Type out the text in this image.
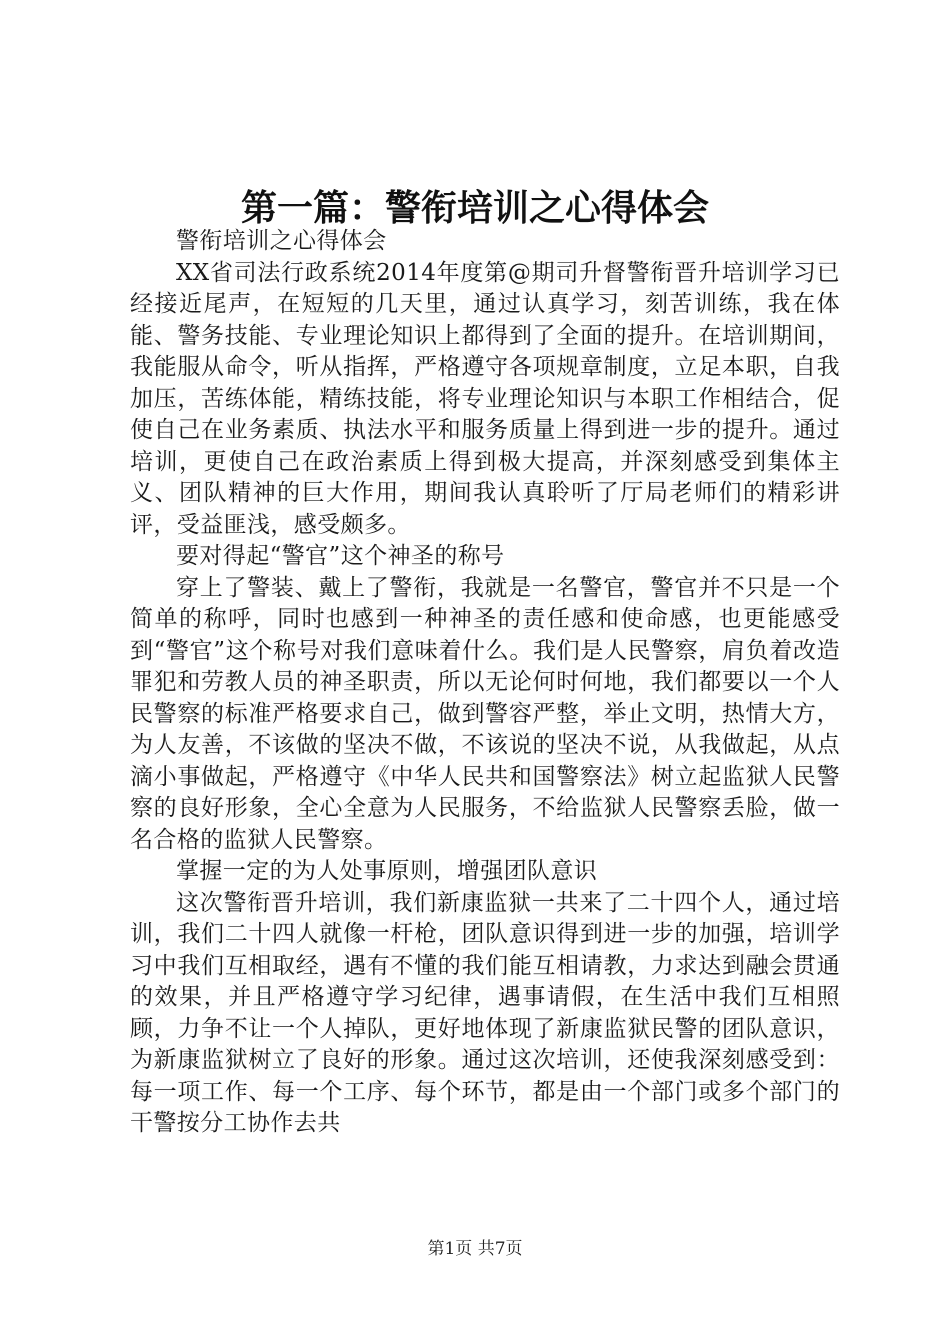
第一篇：警衔培训之心得体会

警衔培训之心得体会

XX省司法行政系统2014年度第@期司升督警衔晋升培训学习已经接近尾声，在短短的几天里，通过认真学习，刻苦训练，我在体能、警务技能、专业理论知识上都得到了全面的提升。在培训期间，我能服从命令，听从指挥，严格遵守各项规章制度，立足本职，自我加压，苦练体能，精练技能，将专业理论知识与本职工作相结合，促使自己在业务素质、执法水平和服务质量上得到进一步的提升。通过培训，更使自己在政治素质上得到极大提高，并深刻感受到集体主义、团队精神的巨大作用，期间我认真聆听了厅局老师们的精彩讲评，受益匪浅，感受颇多。

要对得起“警官”这个神圣的称号

穿上了警装、戴上了警衔，我就是一名警官，警官并不只是一个简单的称呼，同时也感到一种神圣的责任感和使命感，也更能感受到“警官”这个称号对我们意味着什么。我们是人民警察，肩负着改造罪犯和劳教人员的神圣职责，所以无论何时何地，我们都要以一个人民警察的标准严格要求自己，做到警容严整，举止文明，热情大方，为人友善，不该做的坚决不做，不该说的坚决不说，从我做起，从点滴小事做起，严格遵守《中华人民共和国警察法》树立起监狱人民警察的良好形象，全心全意为人民服务，不给监狱人民警察丢脸，做一名合格的监狱人民警察。

掌握一定的为人处事原则，增强团队意识

这次警衔晋升培训，我们新康监狱一共来了二十四个人，通过培训，我们二十四人就像一杆枪，团队意识得到进一步的加强，培训学习中我们互相取经，遇有不懂的我们能互相请教，力求达到融会贯通的效果，并且严格遵守学习纪律，遇事请假，在生活中我们互相照顾，力争不让一个人掉队，更好地体现了新康监狱民警的团队意识，为新康监狱树立了良好的形象。通过这次培训，还使我深刻感受到：每一项工作、每一个工序、每个环节，都是由一个部门或多个部门的干警按分工协作去共

第1页 共7页
